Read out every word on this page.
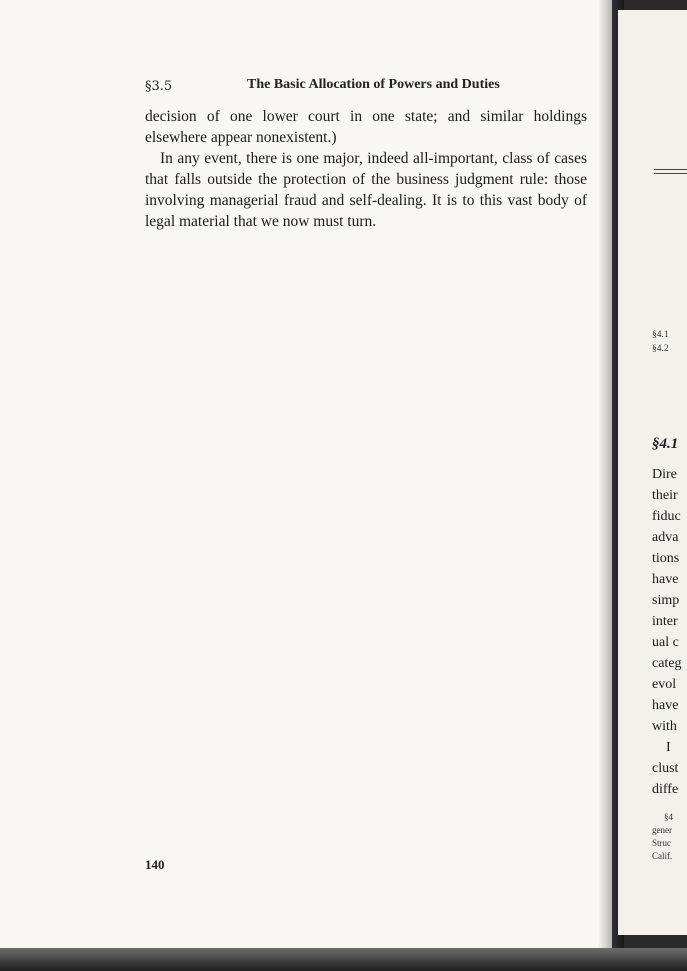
§3.5	The Basic Allocation of Powers and Duties

decision of one lower court in one state; and similar holdings elsewhere appear nonexistent.)

In any event, there is one major, indeed all-important, class of cases that falls outside the protection of the business judgment rule: those involving managerial fraud and self-dealing. It is to this vast body of legal material that we now must turn.

140
§4.1
§4.2
§4.1
Dire
their
fiduc
adva
tions
have
simp
inter
ual c
categ
evol
have
with
I
clust
diffe
§4
gener
Struc
Calif.
